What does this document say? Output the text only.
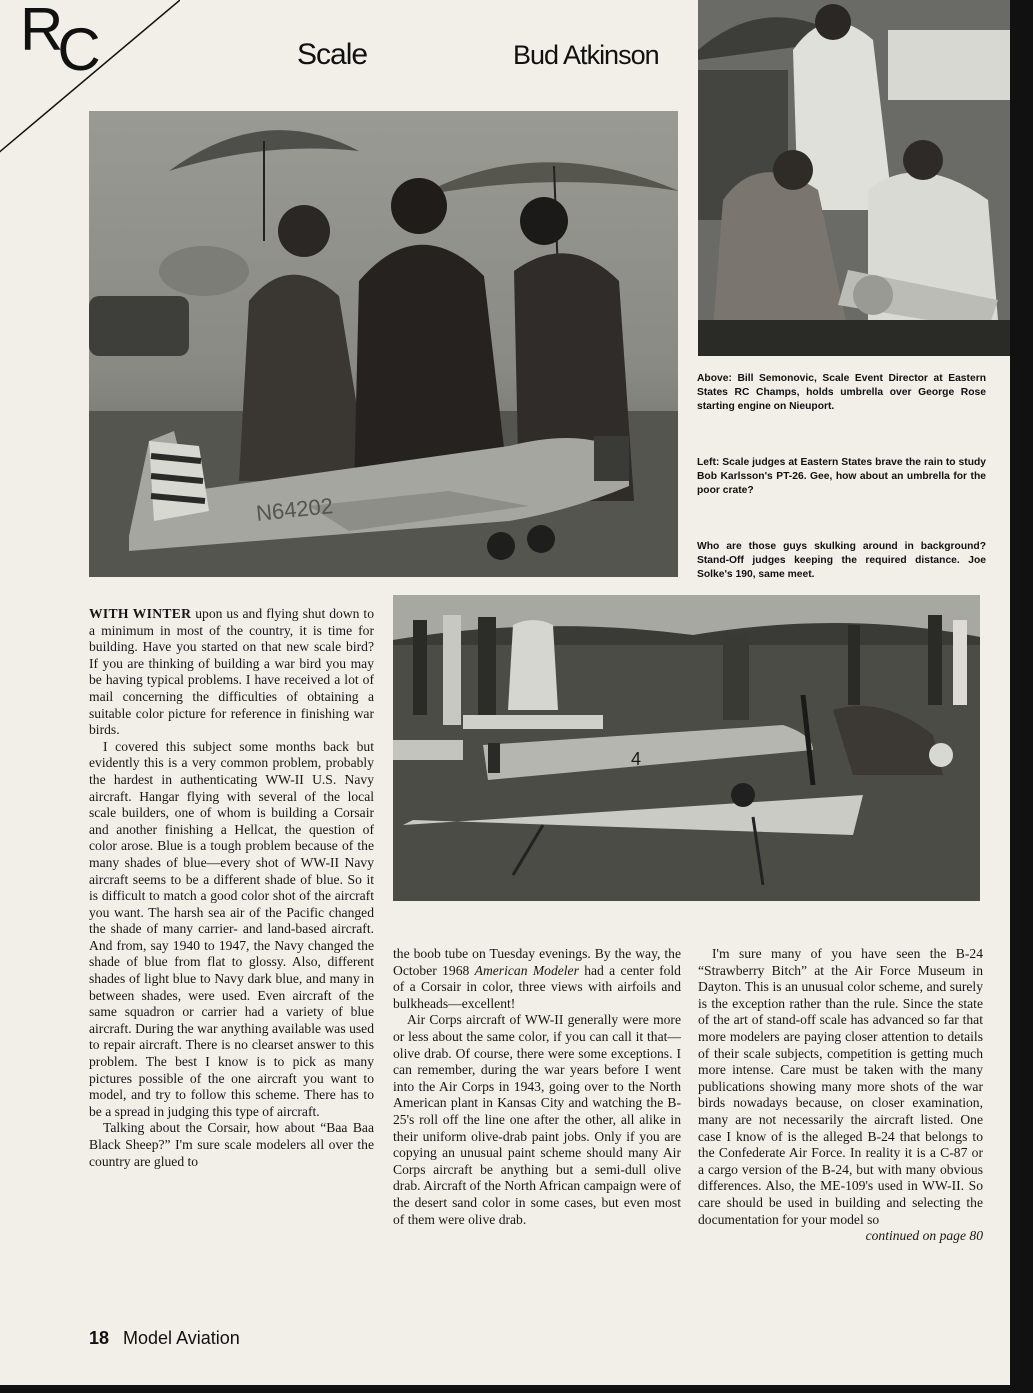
RC	Scale	Bud Atkinson
N64202

Above: Bill Semonovic, Scale Event Director at Eastern States RC Champs, holds umbrella over George Rose starting engine on Nieuport.

Left: Scale judges at Eastern States brave the rain to study Bob Karlsson's PT-26. Gee, how about an umbrella for the poor crate?

Who are those guys skulking around in background? Stand-Off judges keeping the required distance. Joe Solke's 190, same meet.

4

WITH WINTER upon us and flying shut down to a minimum in most of the country, it is time for building. Have you started on that new scale bird? If you are thinking of building a war bird you may be having typical problems. I have received a lot of mail concerning the difficulties of obtaining a suitable color picture for reference in finishing war birds.

I covered this subject some months back but evidently this is a very common problem, probably the hardest in authenticating WW-II U.S. Navy aircraft. Hangar flying with several of the local scale builders, one of whom is building a Corsair and another finishing a Hellcat, the question of color arose. Blue is a tough problem because of the many shades of blue—every shot of WW-II Navy aircraft seems to be a different shade of blue. So it is difficult to match a good color shot of the aircraft you want. The harsh sea air of the Pacific changed the shade of many carrier- and land-based aircraft. And from, say 1940 to 1947, the Navy changed the shade of blue from flat to glossy. Also, different shades of light blue to Navy dark blue, and many in between shades, were used. Even aircraft of the same squadron or carrier had a variety of blue aircraft. During the war anything available was used to repair aircraft. There is no clearset answer to this problem. The best I know is to pick as many pictures possible of the one aircraft you want to model, and try to follow this scheme. There has to be a spread in judging this type of aircraft.

Talking about the Corsair, how about “Baa Baa Black Sheep?” I'm sure scale modelers all over the country are glued to

the boob tube on Tuesday evenings. By the way, the October 1968 American Modeler had a center fold of a Corsair in color, three views with airfoils and bulkheads—excellent!

Air Corps aircraft of WW-II generally were more or less about the same color, if you can call it that—olive drab. Of course, there were some exceptions. I can remember, during the war years before I went into the Air Corps in 1943, going over to the North American plant in Kansas City and watching the B-25's roll off the line one after the other, all alike in their uniform olive-drab paint jobs. Only if you are copying an unusual paint scheme should many Air Corps aircraft be anything but a semi-dull olive drab. Aircraft of the North African campaign were of the desert sand color in some cases, but even most of them were olive drab.

I'm sure many of you have seen the B-24 “Strawberry Bitch” at the Air Force Museum in Dayton. This is an unusual color scheme, and surely is the exception rather than the rule. Since the state of the art of stand-off scale has advanced so far that more modelers are paying closer attention to details of their scale subjects, competition is getting much more intense. Care must be taken with the many publications showing many more shots of the war birds nowadays because, on closer examination, many are not necessarily the aircraft listed. One case I know of is the alleged B-24 that belongs to the Confederate Air Force. In reality it is a C-87 or a cargo version of the B-24, but with many obvious differences. Also, the ME-109's used in WW-II. So care should be used in building and selecting the documentation for your model so

continued on page 80

18 Model Aviation
